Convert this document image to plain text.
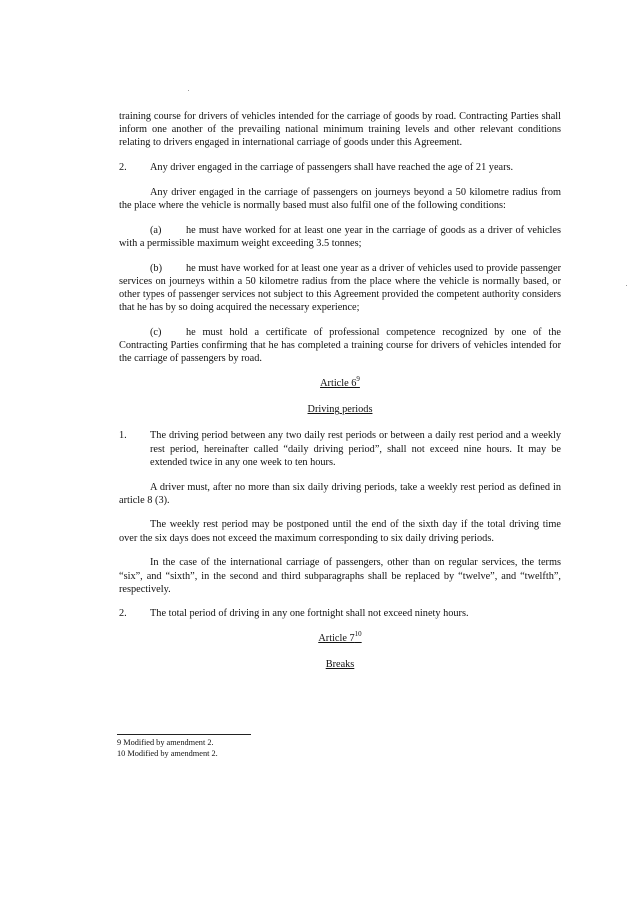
training course for drivers of vehicles intended for the carriage of goods by road. Contracting Parties shall inform one another of the prevailing national minimum training levels and other relevant conditions relating to drivers engaged in international carriage of goods under this Agreement.

2.	Any driver engaged in the carriage of passengers shall have reached the age of 21 years.

Any driver engaged in the carriage of passengers on journeys beyond a 50 kilometre radius from the place where the vehicle is normally based must also fulfil one of the following conditions:

(a) he must have worked for at least one year in the carriage of goods as a driver of vehicles with a permissible maximum weight exceeding 3.5 tonnes;

(b) he must have worked for at least one year as a driver of vehicles used to provide passenger services on journeys within a 50 kilometre radius from the place where the vehicle is normally based, or other types of passenger services not subject to this Agreement provided the competent authority considers that he has by so doing acquired the necessary experience;

(c) he must hold a certificate of professional competence recognized by one of the Contracting Parties confirming that he has completed a training course for drivers of vehicles intended for the carriage of passengers by road.

Article $6^9$

Driving periods

1.	The driving period between any two daily rest periods or between a daily rest period and a weekly rest period, hereinafter called “daily driving period”, shall not exceed nine hours. It may be extended twice in any one week to ten hours.

A driver must, after no more than six daily driving periods, take a weekly rest period as defined in article 8 (3).

The weekly rest period may be postponed until the end of the sixth day if the total driving time over the six days does not exceed the maximum corresponding to six daily driving periods.

In the case of the international carriage of passengers, other than on regular services, the terms “six”, and “sixth”, in the second and third subparagraphs shall be replaced by “twelve”, and “twelfth”, respectively.

2.	The total period of driving in any one fortnight shall not exceed ninety hours.

Article $7^{10}$

Breaks

9 Modified by amendment 2.
10 Modified by amendment 2.
